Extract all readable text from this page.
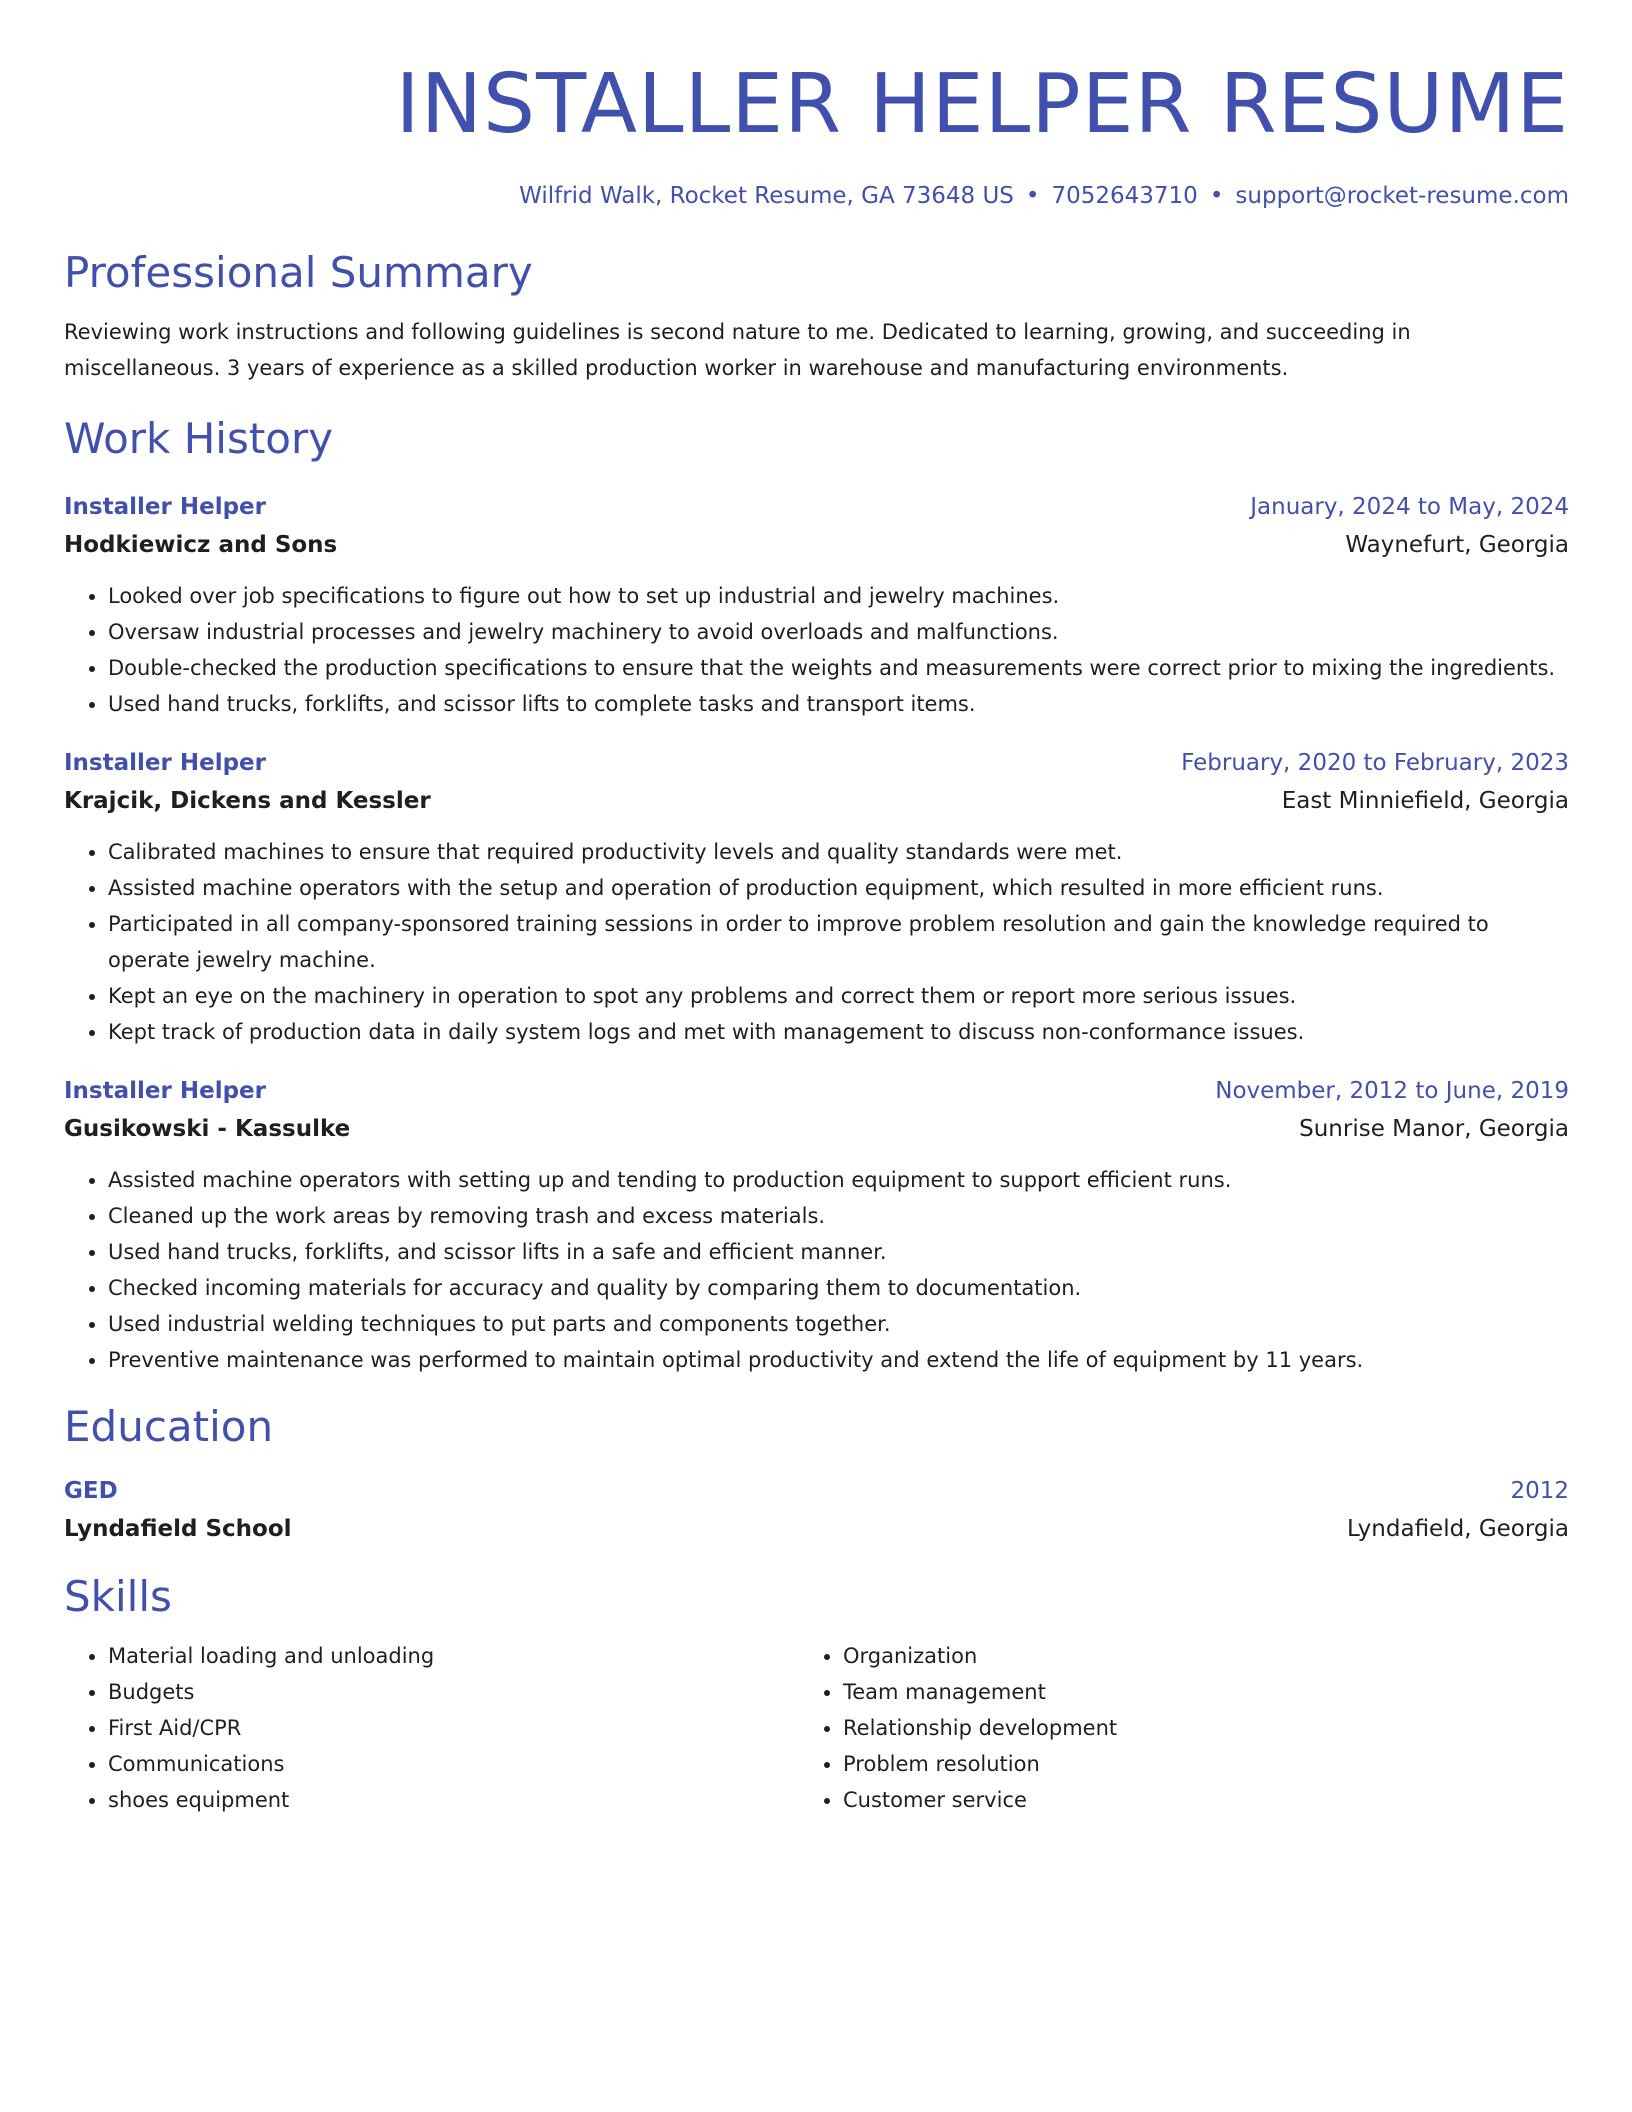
INSTALLER HELPER RESUME
Wilfrid Walk, Rocket Resume, GA 73648 US • 7052643710 • support@rocket-resume.com
Professional Summary
Reviewing work instructions and following guidelines is second nature to me. Dedicated to learning, growing, and succeeding in miscellaneous. 3 years of experience as a skilled production worker in warehouse and manufacturing environments.
Work History
Installer Helper	January, 2024 to May, 2024
Hodkiewicz and Sons	Waynefurt, Georgia
• Looked over job specifications to figure out how to set up industrial and jewelry machines.
• Oversaw industrial processes and jewelry machinery to avoid overloads and malfunctions.
• Double-checked the production specifications to ensure that the weights and measurements were correct prior to mixing the ingredients.
• Used hand trucks, forklifts, and scissor lifts to complete tasks and transport items.
Installer Helper	February, 2020 to February, 2023
Krajcik, Dickens and Kessler	East Minniefield, Georgia
• Calibrated machines to ensure that required productivity levels and quality standards were met.
• Assisted machine operators with the setup and operation of production equipment, which resulted in more efficient runs.
• Participated in all company-sponsored training sessions in order to improve problem resolution and gain the knowledge required to operate jewelry machine.
• Kept an eye on the machinery in operation to spot any problems and correct them or report more serious issues.
• Kept track of production data in daily system logs and met with management to discuss non-conformance issues.
Installer Helper	November, 2012 to June, 2019
Gusikowski - Kassulke	Sunrise Manor, Georgia
• Assisted machine operators with setting up and tending to production equipment to support efficient runs.
• Cleaned up the work areas by removing trash and excess materials.
• Used hand trucks, forklifts, and scissor lifts in a safe and efficient manner.
• Checked incoming materials for accuracy and quality by comparing them to documentation.
• Used industrial welding techniques to put parts and components together.
• Preventive maintenance was performed to maintain optimal productivity and extend the life of equipment by 11 years.
Education
GED	2012
Lyndafield School	Lyndafield, Georgia
Skills
• Material loading and unloading
• Budgets
• First Aid/CPR
• Communications
• shoes equipment
• Organization
• Team management
• Relationship development
• Problem resolution
• Customer service
